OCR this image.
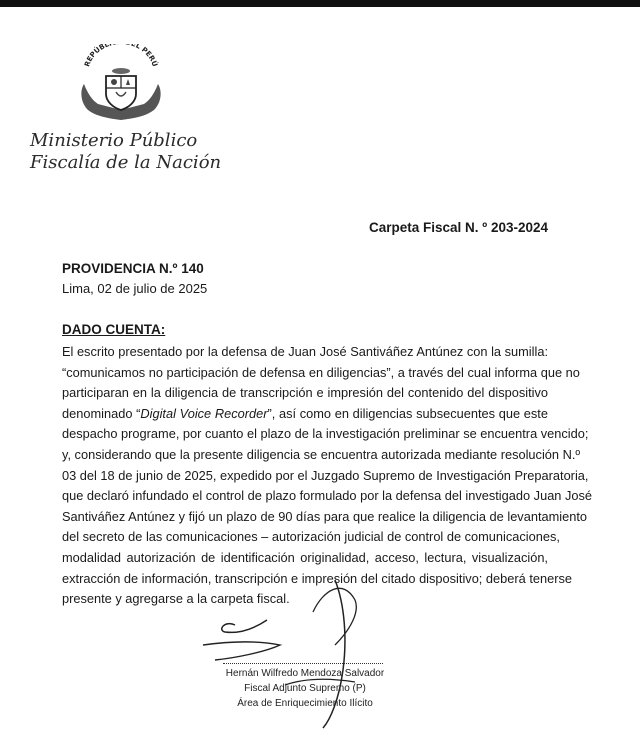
REPÚBL EL PERÚ
Ministerio Público
Fiscalía de la Nación
Carpeta Fiscal N. º 203-2024
PROVIDENCIA N.º 140
Lima, 02 de julio de 2025
DADO CUENTA:
El escrito presentado por la defensa de Juan José Santiváñez Antúnez con la sumilla:
“comunicamos no participación de defensa en diligencias”, a través del cual informa que no
participaran en la diligencia de transcripción e impresión del contenido del dispositivo
denominado “Digital Voice Recorder”, así como en diligencias subsecuentes que este
despacho programe, por cuanto el plazo de la investigación preliminar se encuentra vencido;
y, considerando que la presente diligencia se encuentra autorizada mediante resolución N.º
03 del 18 de junio de 2025, expedido por el Juzgado Supremo de Investigación Preparatoria,
que declaró infundado el control de plazo formulado por la defensa del investigado Juan José
Santiváñez Antúnez y fijó un plazo de 90 días para que realice la diligencia de levantamiento
del secreto de las comunicaciones – autorización judicial de control de comunicaciones,
modalidad autorización de identificación originalidad, acceso, lectura, visualización,
extracción de información, transcripción e impresión del citado dispositivo; deberá tenerse
presente y agregarse a la carpeta fiscal.
Hernán Wilfredo Mendoza Salvador
Fiscal Adjunto Supremo (P)
Área de Enriquecimiento Ilícito
